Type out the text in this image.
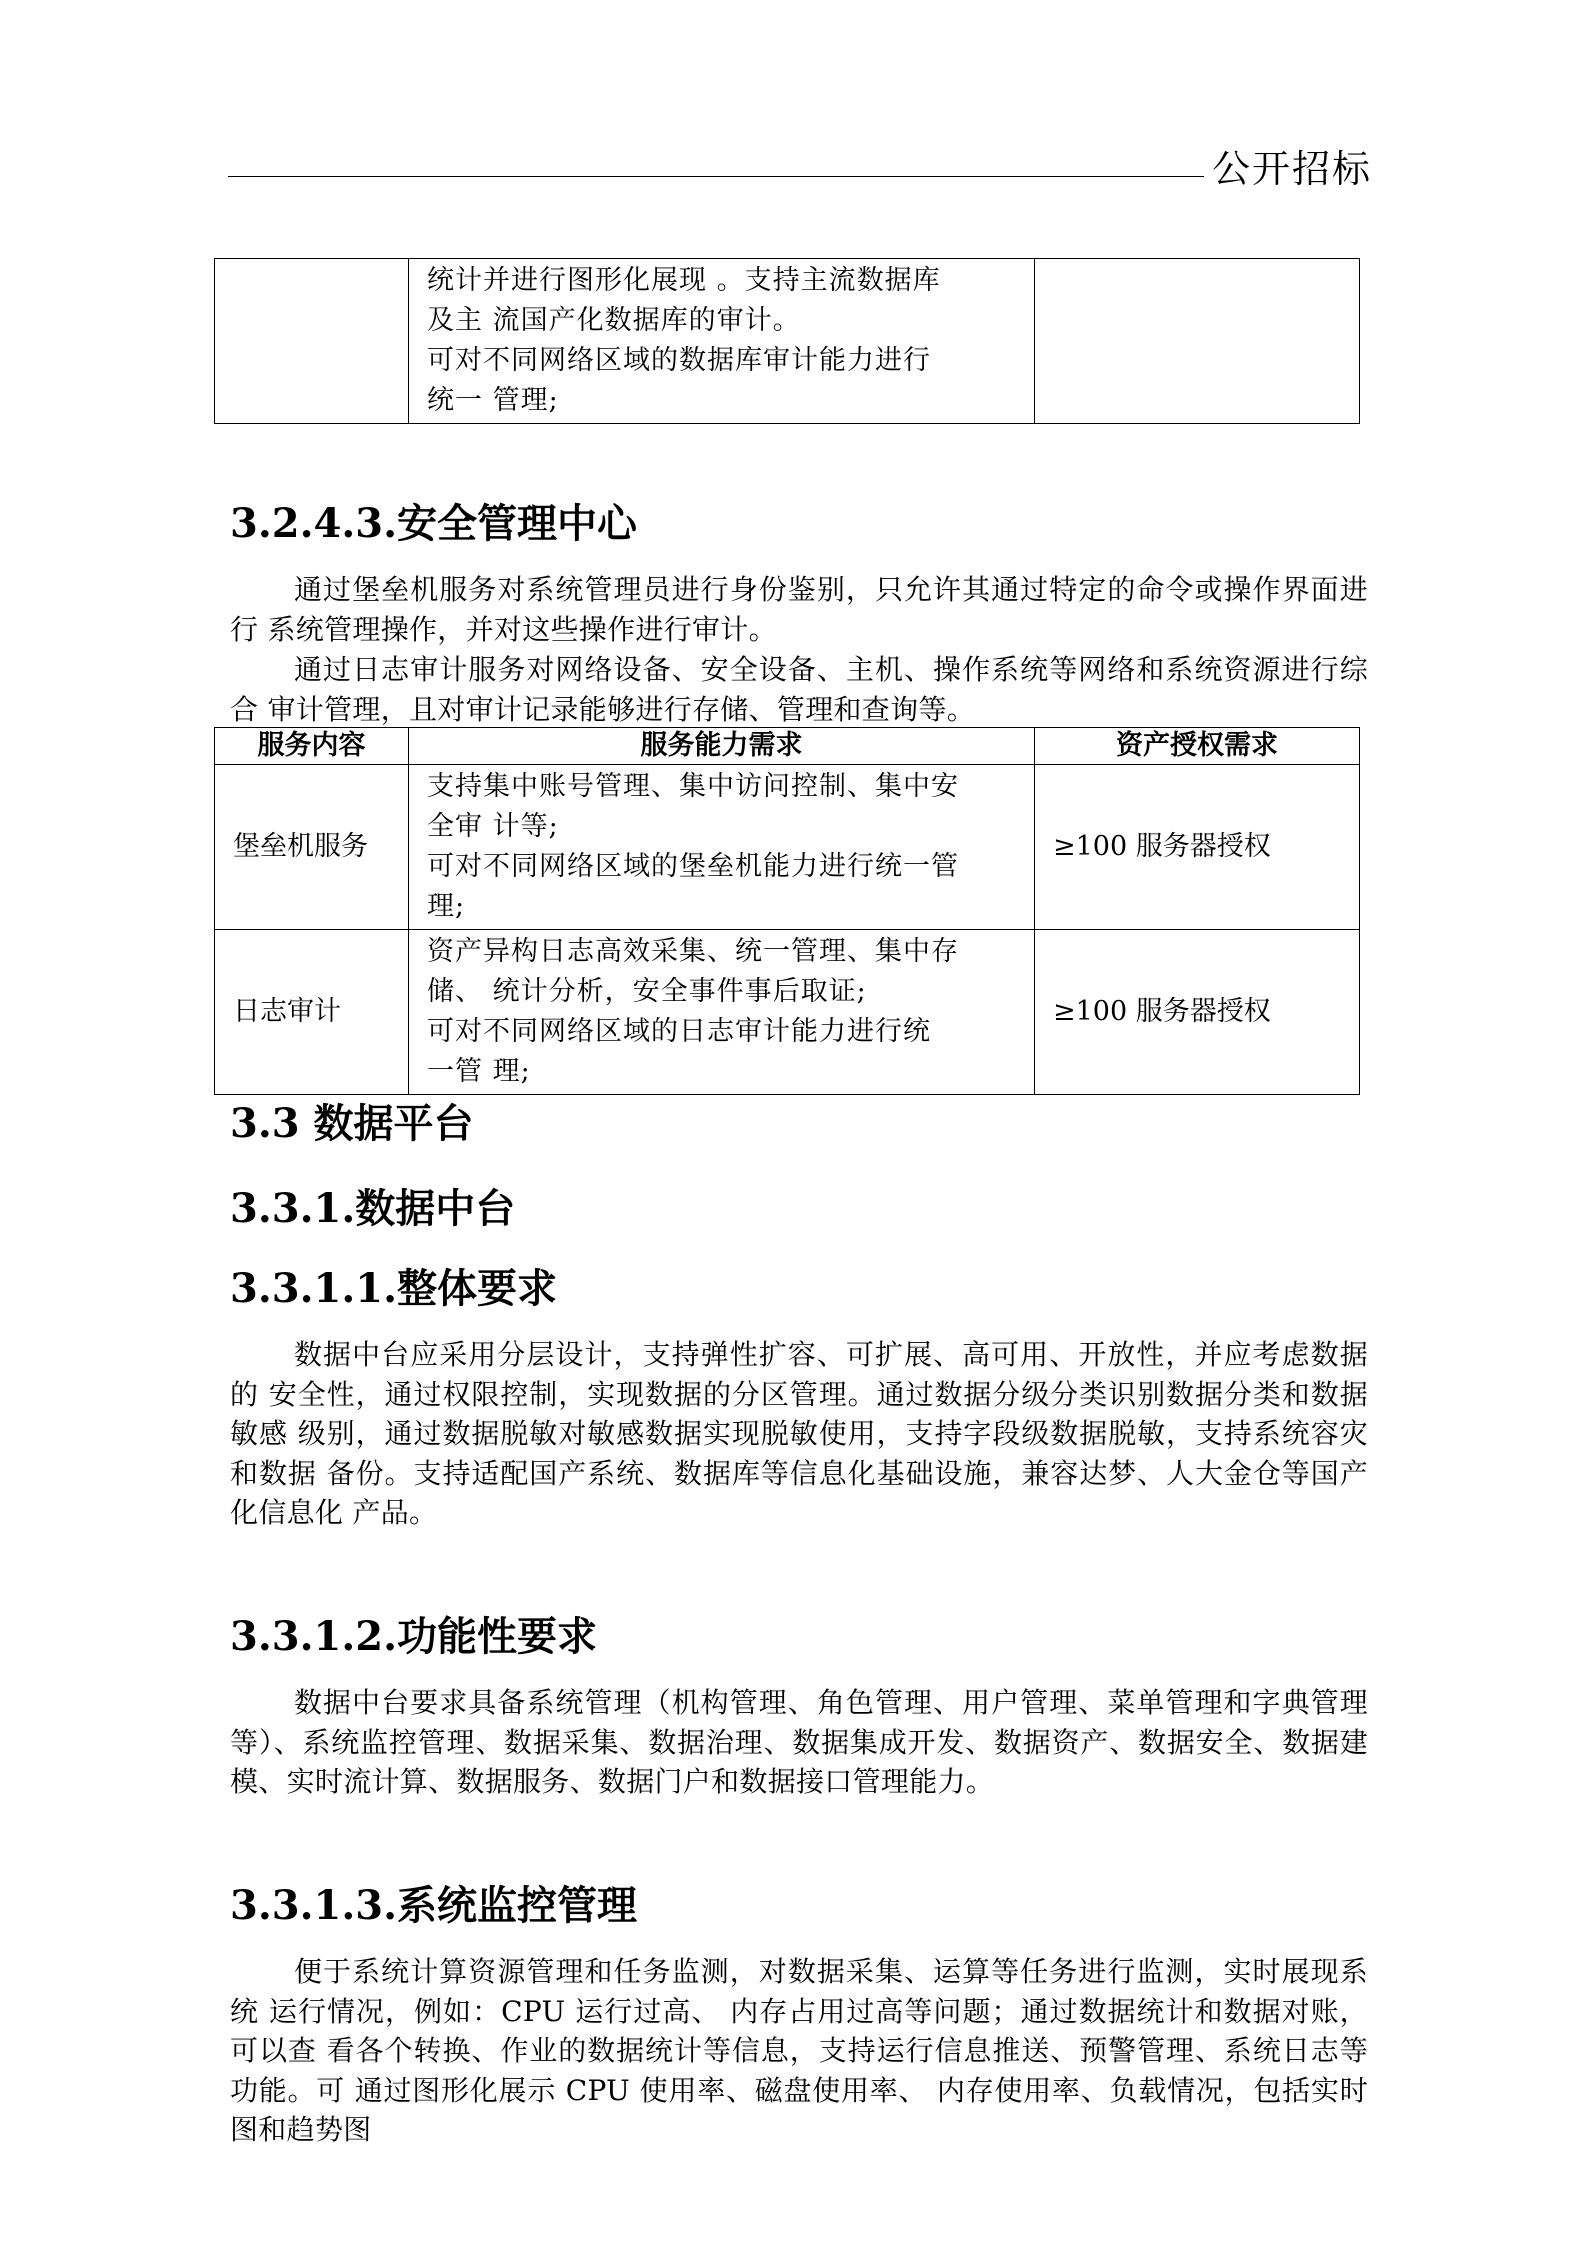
公开招标

统计并进行图形化展现 。支持主流数据库
及主 流国产化数据库的审计。
可对不同网络区域的数据库审计能力进行
统一 管理;

3.2.4.3.安全管理中心

通过堡垒机服务对系统管理员进行身份鉴别，只允许其通过特定的命令或操作界面进行 系统管理操作，并对这些操作进行审计。

通过日志审计服务对网络设备、安全设备、主机、操作系统等网络和系统资源进行综合 审计管理，且对审计记录能够进行存储、管理和查询等。

服务内容	服务能力需求	资产授权需求
堡垒机服务	支持集中账号管理、集中访问控制、集中安
全审 计等;
可对不同网络区域的堡垒机能力进行统一管
理;	≥100 服务器授权
日志审计	资产异构日志高效采集、统一管理、集中存
储、 统计分析，安全事件事后取证;
可对不同网络区域的日志审计能力进行统
一管 理;	≥100 服务器授权
3.3 数据平台
3.3.1.数据中台
3.3.1.1.整体要求

数据中台应采用分层设计，支持弹性扩容、可扩展、高可用、开放性，并应考虑数据的 安全性，通过权限控制，实现数据的分区管理。通过数据分级分类识别数据分类和数据敏感 级别，通过数据脱敏对敏感数据实现脱敏使用，支持字段级数据脱敏，支持系统容灾和数据 备份。支持适配国产系统、数据库等信息化基础设施，兼容达梦、人大金仓等国产化信息化 产品。

3.3.1.2.功能性要求

数据中台要求具备系统管理（机构管理、角色管理、用户管理、菜单管理和字典管理 等）、系统监控管理、数据采集、数据治理、数据集成开发、数据资产、数据安全、数据建 模、实时流计算、数据服务、数据门户和数据接口管理能力。

3.3.1.3.系统监控管理

便于系统计算资源管理和任务监测，对数据采集、运算等任务进行监测，实时展现系统 运行情况，例如：CPU 运行过高、 内存占用过高等问题；通过数据统计和数据对账，可以查 看各个转换、作业的数据统计等信息，支持运行信息推送、预警管理、系统日志等功能。可 通过图形化展示 CPU 使用率、磁盘使用率、 内存使用率、负载情况，包括实时图和趋势图
